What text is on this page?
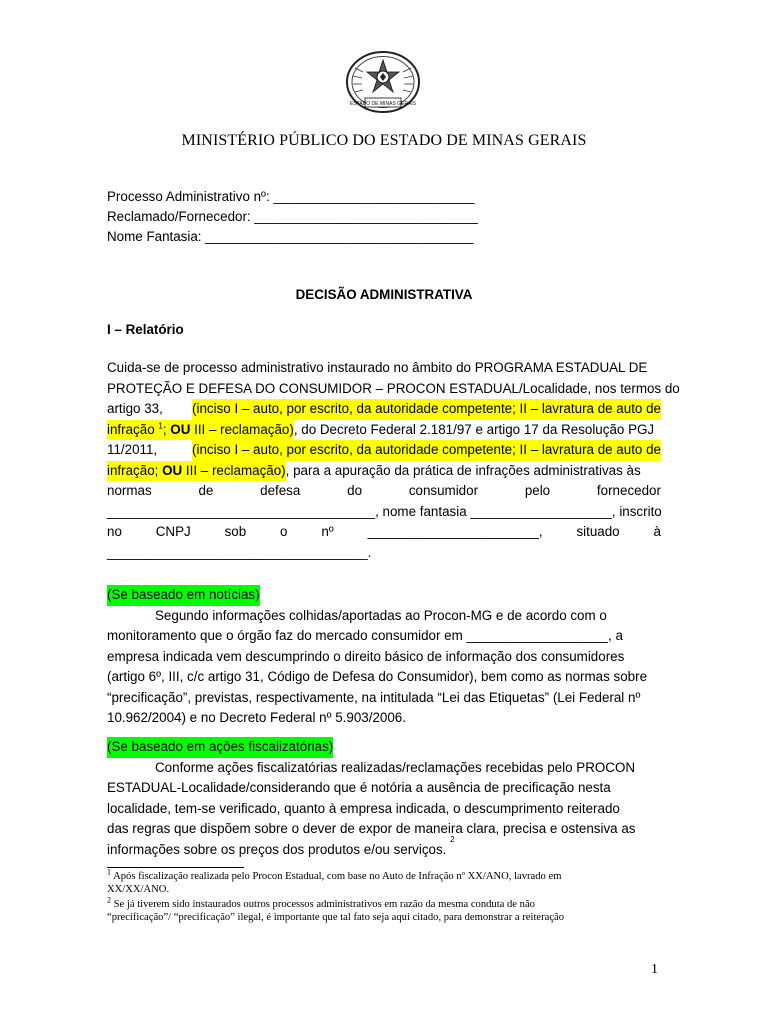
ESTADO DE MINAS GERAIS
MINISTÉRIO PÚBLICO DO ESTADO DE MINAS GERAIS
Processo Administrativo nº: ___________________________
Reclamado/Fornecedor: ______________________________
Nome Fantasia: ____________________________________
DECISÃO ADMINISTRATIVA
I – Relatório
Cuida-se de processo administrativo instaurado no âmbito do PROGRAMA ESTADUAL DE
PROTEÇÃO E DEFESA DO CONSUMIDOR – PROCON ESTADUAL/Localidade, nos termos do
artigo 33, (inciso I – auto, por escrito, da autoridade competente; II – lavratura de auto de
infração $^1$; OU III – reclamação) , do Decreto Federal 2.181/97 e artigo 17 da Resolução PGJ
11/2011,	(inciso I – auto, por escrito, da autoridade competente; II – lavratura de auto de
infração; OU III – reclamação) , para a apuração da prática de infrações administrativas às
normas	de	defesa	do	consumidor	pelo	fornecedor
____________________________________, nome fantasia ___________________, inscrito
no	CNPJ	sob	o	nº	_______________________,	situado	à
___________________________________.
(Se baseado em notícias)
Segundo informações colhidas/aportadas ao Procon-MG e de acordo com o
monitoramento que o órgão faz do mercado consumidor em ___________________, a
empresa indicada vem descumprindo o direito básico de informação dos consumidores
(artigo 6º, III, c/c artigo 31, Código de Defesa do Consumidor), bem como as normas sobre
“precificação”, previstas, respectivamente, na intitulada “Lei das Etiquetas” (Lei Federal nº
10.962/2004) e no Decreto Federal nº 5.903/2006.
(Se baseado em ações fiscalizatórias)
Conforme ações fiscalizatórias realizadas/reclamações recebidas pelo PROCON
ESTADUAL-Localidade/considerando que é notória a ausência de precificação nesta
localidade, tem-se verificado, quanto à empresa indicada, o descumprimento reiterado
das regras que dispõem sobre o dever de expor de maneira clara, precisa e ostensiva as
informações sobre os preços dos produtos e/ou serviços.

2
$^1$ Após fiscalização realizada pelo Procon Estadual, com base no Auto de Infração nº XX/ANO, lavrado em
XX/XX/ANO.
$^2$ Se já tiverem sido instaurados outros processos administrativos em razão da mesma conduta de não
“precificação”/ “precificação” ilegal, é importante que tal fato seja aqui citado, para demonstrar a reiteração
1
